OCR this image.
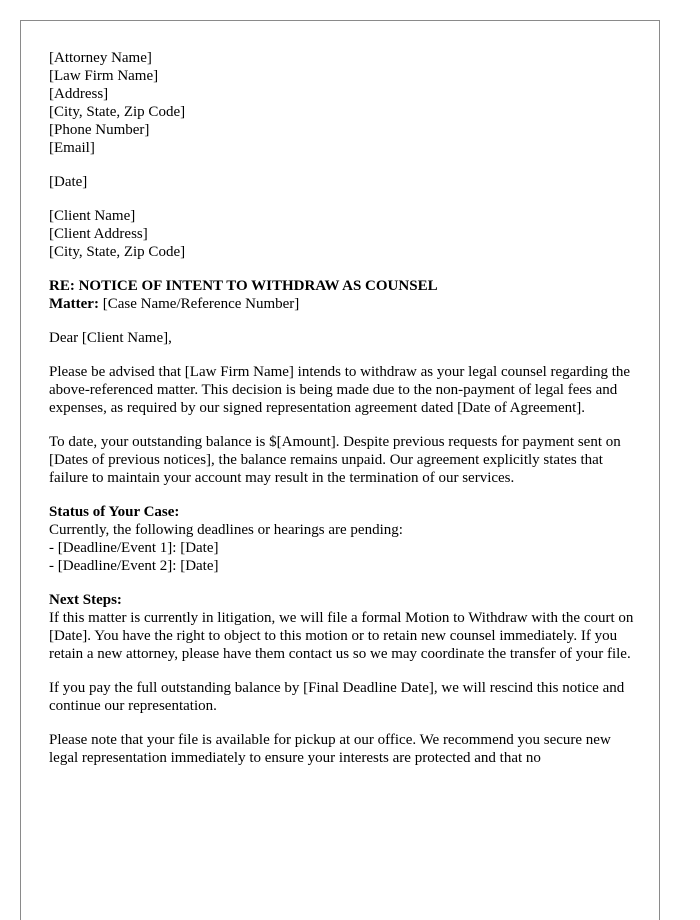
[Attorney Name]
[Law Firm Name]
[Address]
[City, State, Zip Code]
[Phone Number]
[Email]
[Date]
[Client Name]
[Client Address]
[City, State, Zip Code]
RE: NOTICE OF INTENT TO WITHDRAW AS COUNSEL
Matter: [Case Name/Reference Number]
Dear [Client Name],

Please be advised that [Law Firm Name] intends to withdraw as your legal counsel regarding the above-referenced matter. This decision is being made due to the non-payment of legal fees and expenses, as required by our signed representation agreement dated [Date of Agreement].

To date, your outstanding balance is $[Amount]. Despite previous requests for payment sent on [Dates of previous notices], the balance remains unpaid. Our agreement explicitly states that failure to maintain your account may result in the termination of our services.

Status of Your Case:
Currently, the following deadlines or hearings are pending:
- [Deadline/Event 1]: [Date]
- [Deadline/Event 2]: [Date]
Next Steps:
If this matter is currently in litigation, we will file a formal Motion to Withdraw with the court on [Date]. You have the right to object to this motion or to retain new counsel immediately. If you retain a new attorney, please have them contact us so we may coordinate the transfer of your file.

If you pay the full outstanding balance by [Final Deadline Date], we will rescind this notice and continue our representation.

Please note that your file is available for pickup at our office. We recommend you secure new legal representation immediately to ensure your interests are protected and that no
